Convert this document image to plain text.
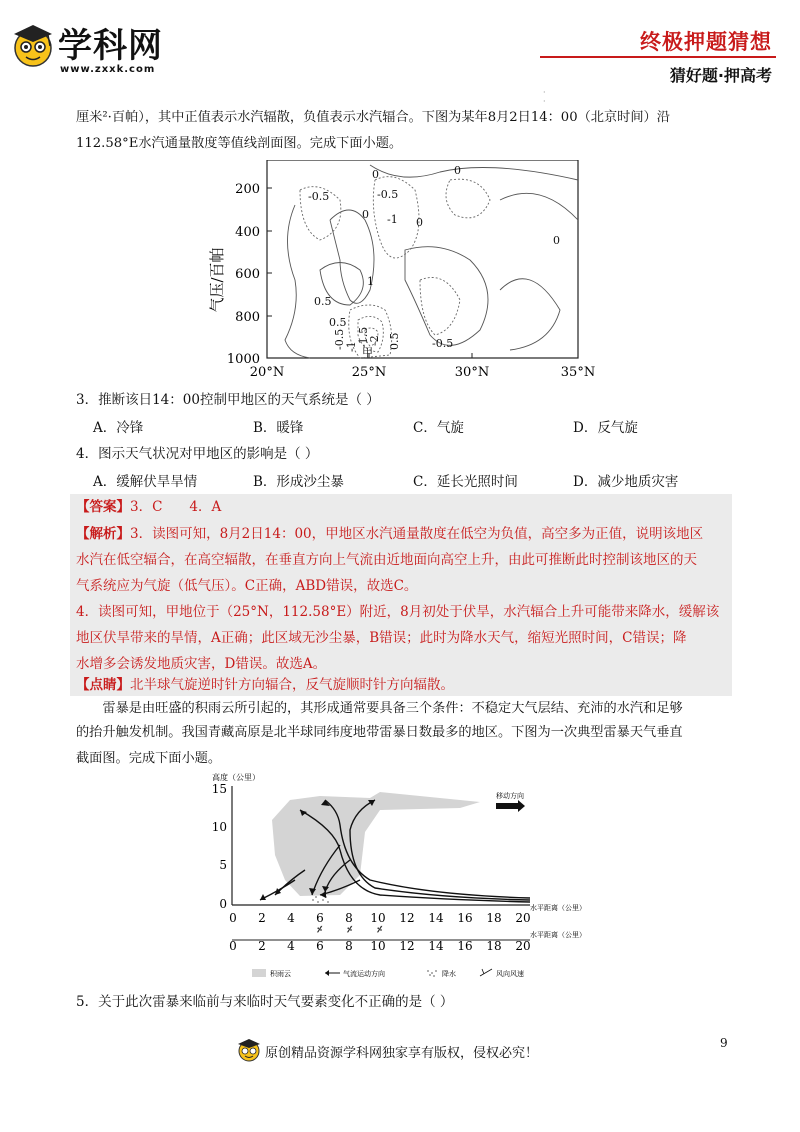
学科网
www.zxxk.com
终极押题猜想
猜好题·押高考
·
·
厘米²·百帕），其中正值表示水汽辐散，负值表示水汽辐合。下图为某年8月2日14：00（北京时间）沿
112.58°E水汽通量散度等值线剖面图。完成下面小题。
气压/百帕
200
400
600
800
1000
20°N	25°N	30°N	35°N
0	0
-0.5	-0.5
0 -1 0
0
1
0.5
0.5
-0.5 -1 -1.5
-2
甲
0.5	-0.5
3．推断该日14：00控制甲地区的天气系统是（ ）
A．冷锋	B．暖锋	C．气旋	D．反气旋
4．图示天气状况对甲地区的影响是（ ）
A．缓解伏旱旱情	B．形成沙尘暴	C．延长光照时间	D．减少地质灾害
【答案】3．C　　4．A
【解析】3．读图可知，8月2日14：00，甲地区水汽通量散度在低空为负值，高空多为正值，说明该地区
水汽在低空辐合，在高空辐散，在垂直方向上气流由近地面向高空上升，由此可推断此时控制该地区的天
气系统应为气旋（低气压）。C正确，ABD错误，故选C。
4．读图可知，甲地位于（25°N，112.58°E）附近，8月初处于伏旱，水汽辐合上升可能带来降水，缓解该
地区伏旱带来的旱情，A正确；此区域无沙尘暴，B错误；此时为降水天气，缩短光照时间，C错误；降
水增多会诱发地质灾害，D错误。故选A。
【点睛】北半球气旋逆时针方向辐合，反气旋顺时针方向辐散。
雷暴是由旺盛的积雨云所引起的，其形成通常要具备三个条件：不稳定大气层结、充沛的水汽和足够
的抬升触发机制。我国青藏高原是北半球同纬度地带雷暴日数最多的地区。下图为一次典型雷暴天气垂直
截面图。完成下面小题。
高度（公里）
15
10
5
0
移动方向
0 2 4 6 8 10 12 14 16 18 20
水平距离（公里）
⸓	⸓	⸓
0 2 4 6 8 10 12 14 16 18 20
水平距离（公里）
积雨云	气流运动方向	降水	风向风速
5．关于此次雷暴来临前与来临时天气要素变化不正确的是（ ）
原创精品资源学科网独家享有版权，侵权必究！
9
